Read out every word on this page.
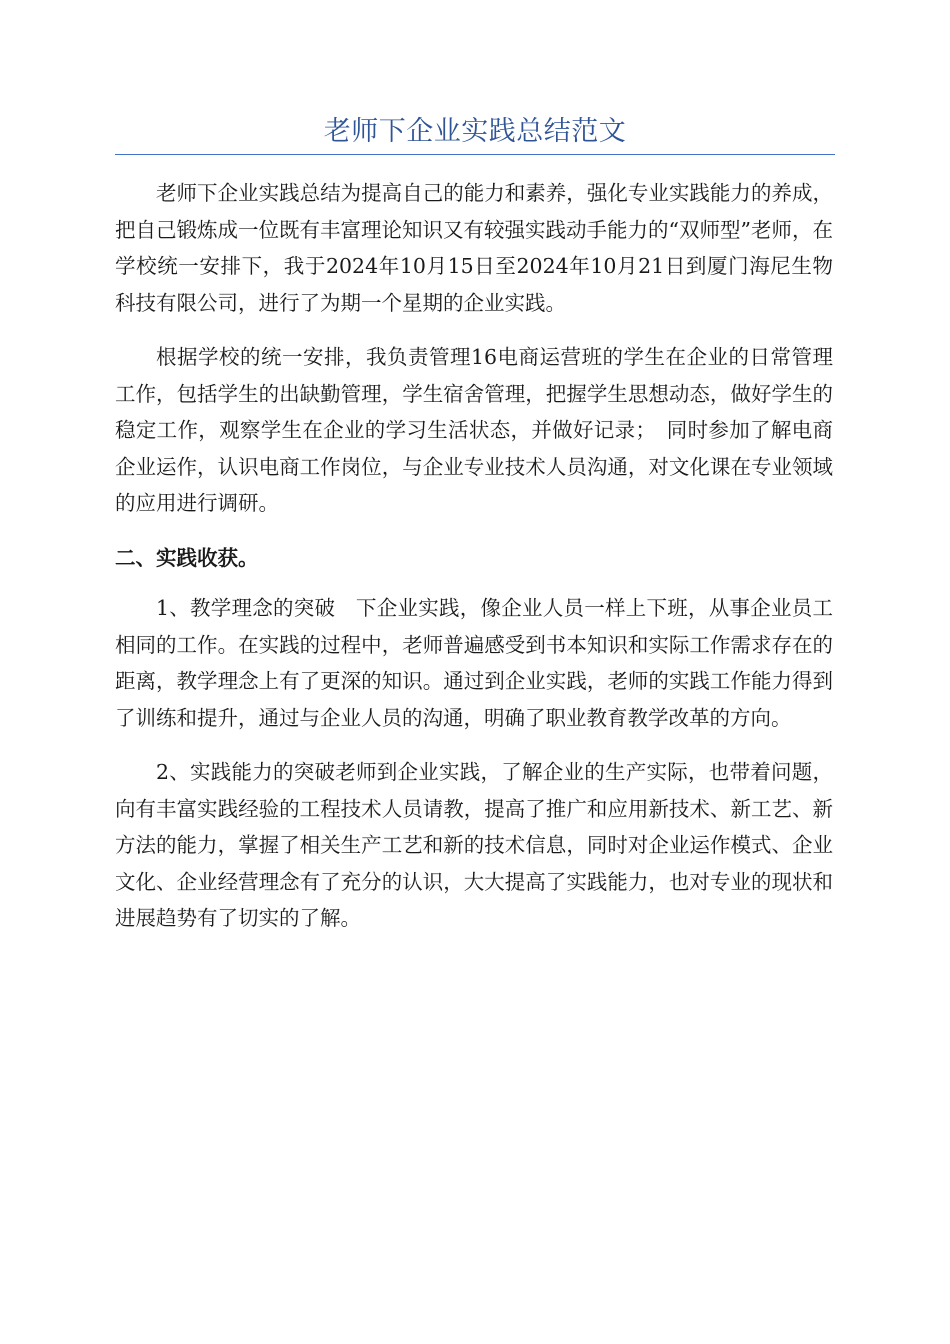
老师下企业实践总结范文

老师下企业实践总结为提高自己的能力和素养，强化专业实践能力的养成，把自己锻炼成一位既有丰富理论知识又有较强实践动手能力的“双师型”老师，在学校统一安排下，我于2024年10月15日至2024年10月21日到厦门海尼生物科技有限公司，进行了为期一个星期的企业实践。

根据学校的统一安排，我负责管理16电商运营班的学生在企业的日常管理工作，包括学生的出缺勤管理，学生宿舍管理，把握学生思想动态，做好学生的稳定工作，观察学生在企业的学习生活状态，并做好记录；　同时参加了解电商企业运作，认识电商工作岗位，与企业专业技术人员沟通，对文化课在专业领域的应用进行调研。

二、实践收获。

1、教学理念的突破　下企业实践，像企业人员一样上下班，从事企业员工相同的工作。在实践的过程中，老师普遍感受到书本知识和实际工作需求存在的距离，教学理念上有了更深的知识。通过到企业实践，老师的实践工作能力得到了训练和提升，通过与企业人员的沟通，明确了职业教育教学改革的方向。

2、实践能力的突破老师到企业实践，了解企业的生产实际，也带着问题，向有丰富实践经验的工程技术人员请教，提高了推广和应用新技术、新工艺、新方法的能力，掌握了相关生产工艺和新的技术信息，同时对企业运作模式、企业文化、企业经营理念有了充分的认识，大大提高了实践能力，也对专业的现状和进展趋势有了切实的了解。
